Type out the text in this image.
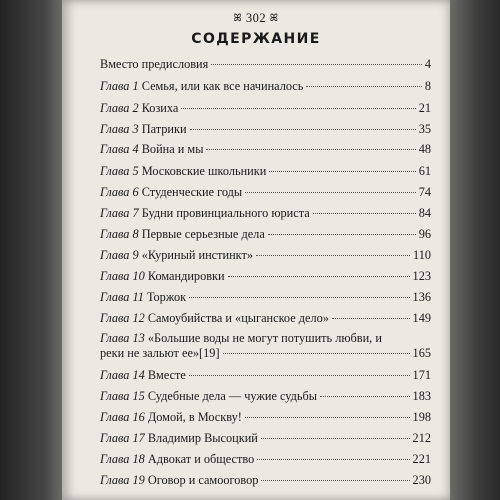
ꕤ 302 ꕤ
СОДЕРЖАНИЕ
Вместо предисловия	4
Глава 1 Семья, или как все начиналось	8
Глава 2 Козиха	21
Глава 3 Патрики	35
Глава 4 Война и мы	48
Глава 5 Московские школьники	61
Глава 6 Студенческие годы	74
Глава 7 Будни провинциального юриста	84
Глава 8 Первые серьезные дела	96
Глава 9 «Куриный инстинкт»	110
Глава 10 Командировки	123
Глава 11 Торжок	136
Глава 12 Самоубийства и «цыганское дело»	149
Глава 13 «Большие воды не могут потушить любви, и
реки не зальют ее»[19]	165
Глава 14 Вместе	171
Глава 15 Судебные дела — чужие судьбы	183
Глава 16 Домой, в Москву!	198
Глава 17 Владимир Высоцкий	212
Глава 18 Адвокат и общество	221
Глава 19 Оговор и самооговор	230
